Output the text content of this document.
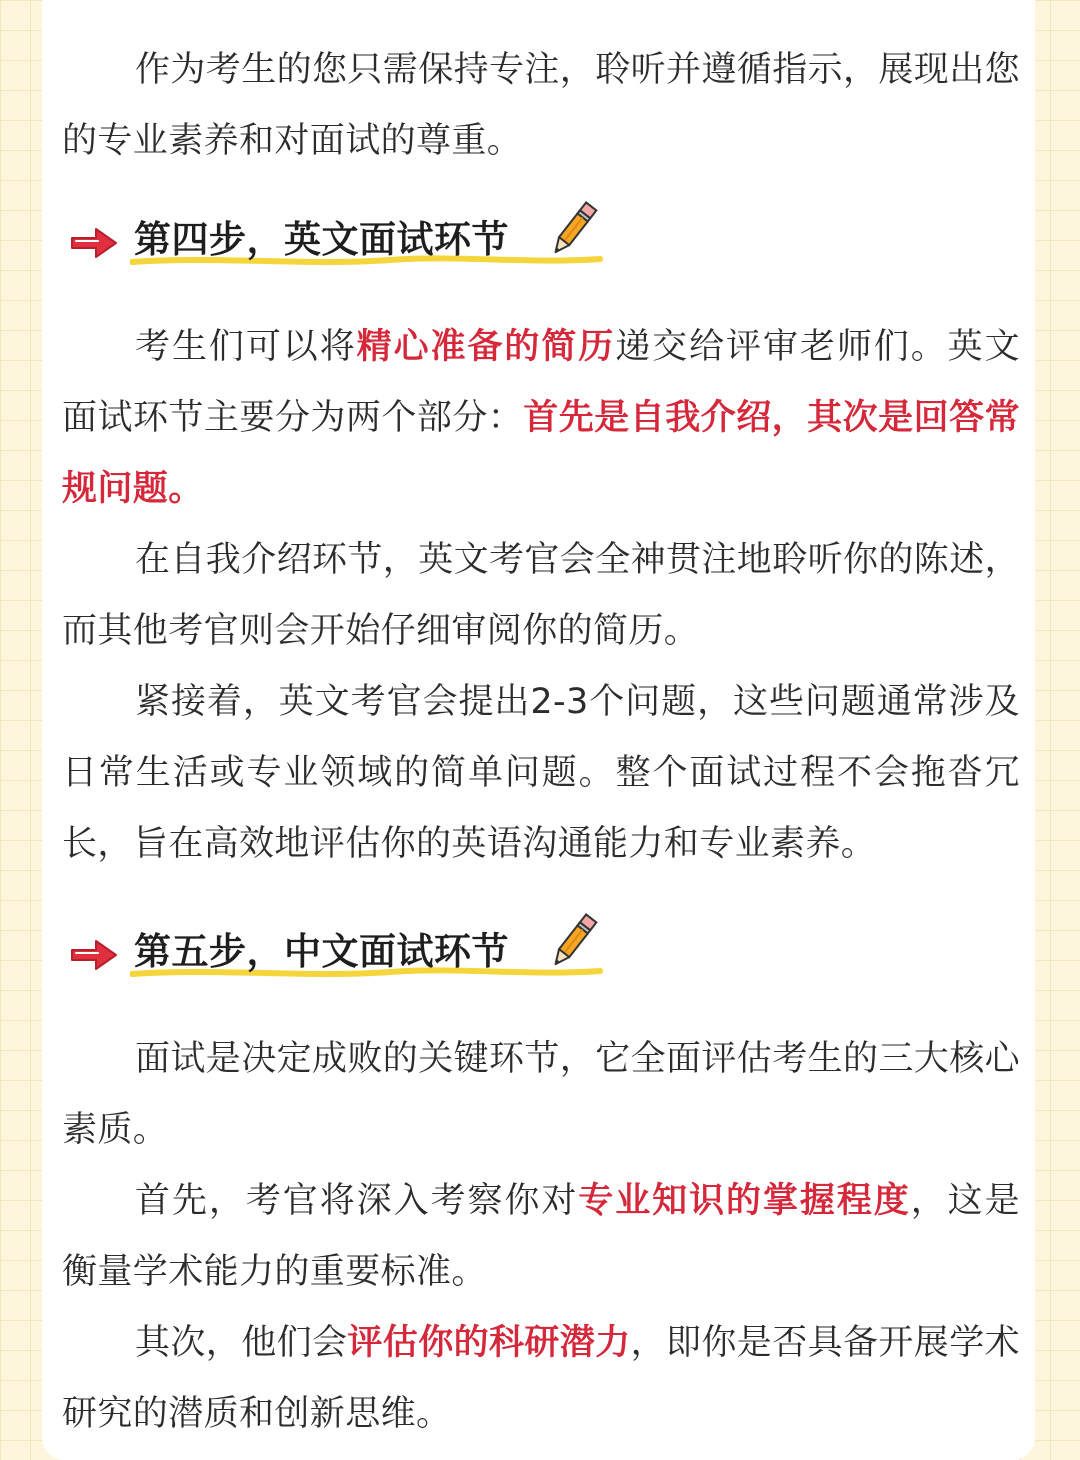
作为考生的您只需保持专注，聆听并遵循指示，展现出您的专业素养和对面试的尊重。

第四步，英文面试环节

考生们可以将精心准备的简历递交给评审老师们。英文面试环节主要分为两个部分：首先是自我介绍，其次是回答常规问题。

在自我介绍环节，英文考官会全神贯注地聆听你的陈述，而其他考官则会开始仔细审阅你的简历。

紧接着，英文考官会提出2-3个问题，这些问题通常涉及日常生活或专业领域的简单问题。整个面试过程不会拖沓冗长，旨在高效地评估你的英语沟通能力和专业素养。

第五步，中文面试环节

面试是决定成败的关键环节，它全面评估考生的三大核心素质。

首先，考官将深入考察你对专业知识的掌握程度，这是衡量学术能力的重要标准。

其次，他们会评估你的科研潜力，即你是否具备开展学术研究的潜质和创新思维。
